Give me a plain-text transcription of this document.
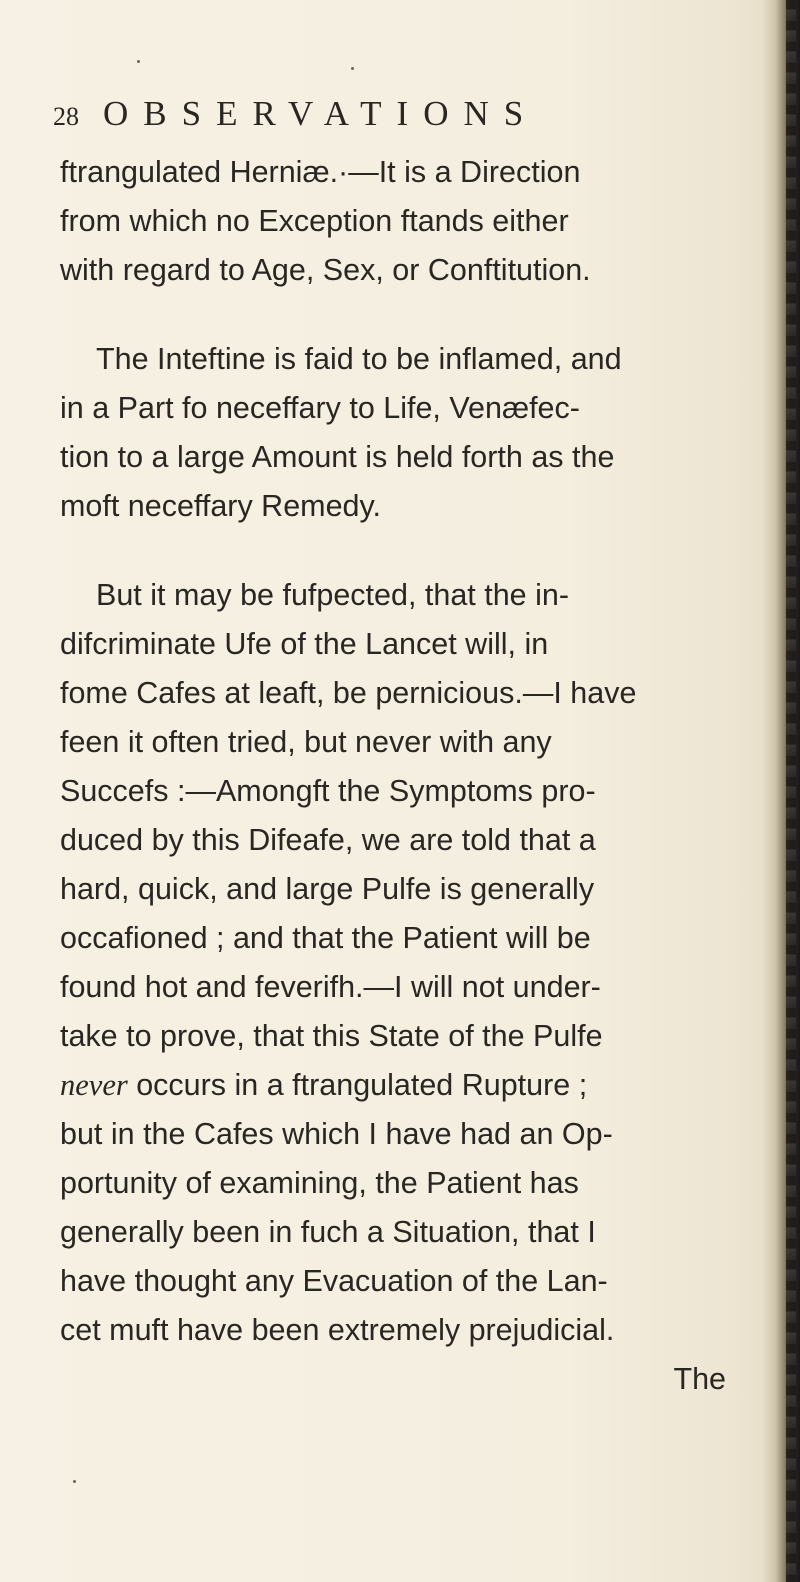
28 OBSERVATIONS
ftrangulated Herniæ.·—It is a Direction
from which no Exception ftands either
with regard to Age, Sex, or Conftitution.
The Inteftine is faid to be inflamed, and
in a Part fo neceffary to Life, Venæfec-
tion to a large Amount is held forth as the
moft neceffary Remedy.
But it may be fufpected, that the in-
difcriminate Ufe of the Lancet will, in
fome Cafes at leaft, be pernicious.—I have
feen it often tried, but never with any
Succefs :—Amongft the Symptoms pro-
duced by this Difeafe, we are told that a
hard, quick, and large Pulfe is generally
occafioned ; and that the Patient will be
found hot and feverifh.—I will not under-
take to prove, that this State of the Pulfe
never occurs in a ftrangulated Rupture ;
but in the Cafes which I have had an Op-
portunity of examining, the Patient has
generally been in fuch a Situation, that I
have thought any Evacuation of the Lan-
cet muft have been extremely prejudicial.
The
